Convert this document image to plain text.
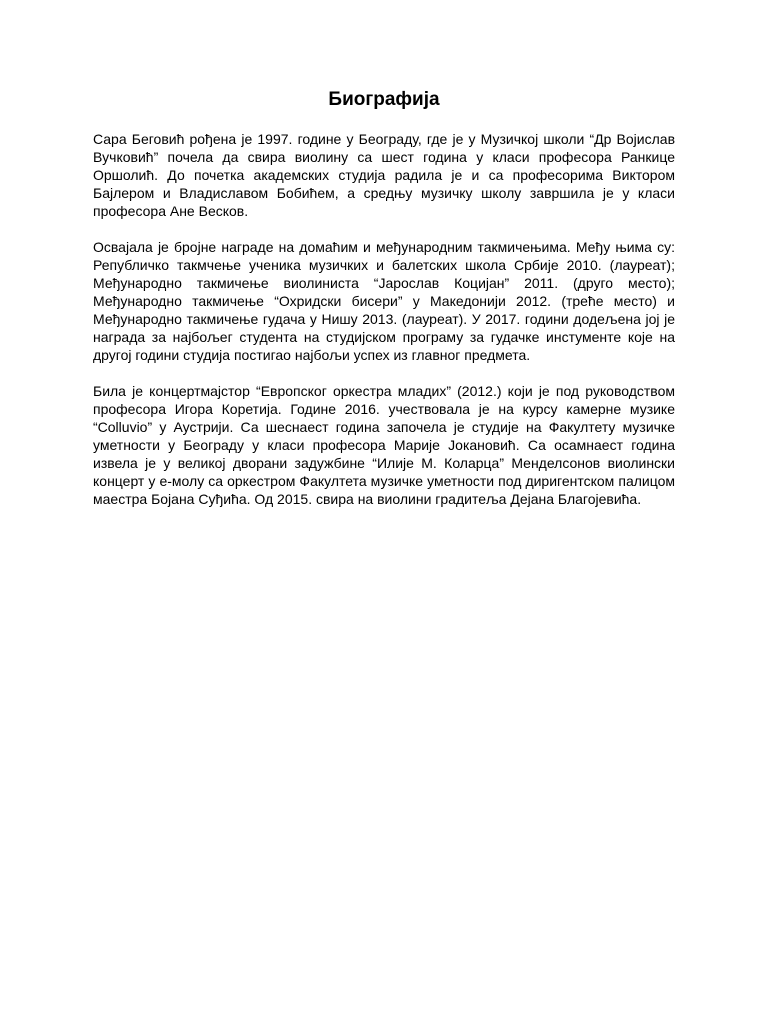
Биографија

Сара Беговић рођена је 1997. године у Београду, где је у Музичкој школи “Др Војислав Вучковић” почела да свира виолину са шест година у класи професора Ранкице Оршолић. До почетка академских студија радила је и са професорима Виктором Бајлером и Владиславом Бобићем, а средњу музичку школу завршила је у класи професора Ане Весков.

Освајала је бројне награде на домаћим и међународним такмичењима. Међу њима су: Републичко такмчење ученика музичких и балетских школа Србије 2010. (лауреат); Међународно такмичење виолиниста “Јарослав Коцијан” 2011. (друго место); Међународно такмичење “Охридски бисери” у Македонији 2012. (треће место) и Међународно такмичење гудача у Нишу 2013. (лауреат). У 2017. години додељена јој је награда за најбољег студента на студијском програму за гудачке инстументе које на другој години студија постигао најбољи успех из главног предмета.

Била је концертмајстор “Европског оркестра младих” (2012.) који је под руководством професора Игора Коретија. Године 2016. учествовала је на курсу камерне музике “Colluvio” у Аустрији. Са шеснаест година започела је студије на Факултету музичке уметности у Београду у класи професора Марије Јокановић. Са осамнаест година извела је у великој дворани задужбине “Илије М. Коларца” Менделсонов виолински концерт у е-молу са оркестром Факултета музичке уметности под диригентском палицом маестра Бојана Суђића. Од 2015. свира на виолини градитеља Дејана Благојевића.
